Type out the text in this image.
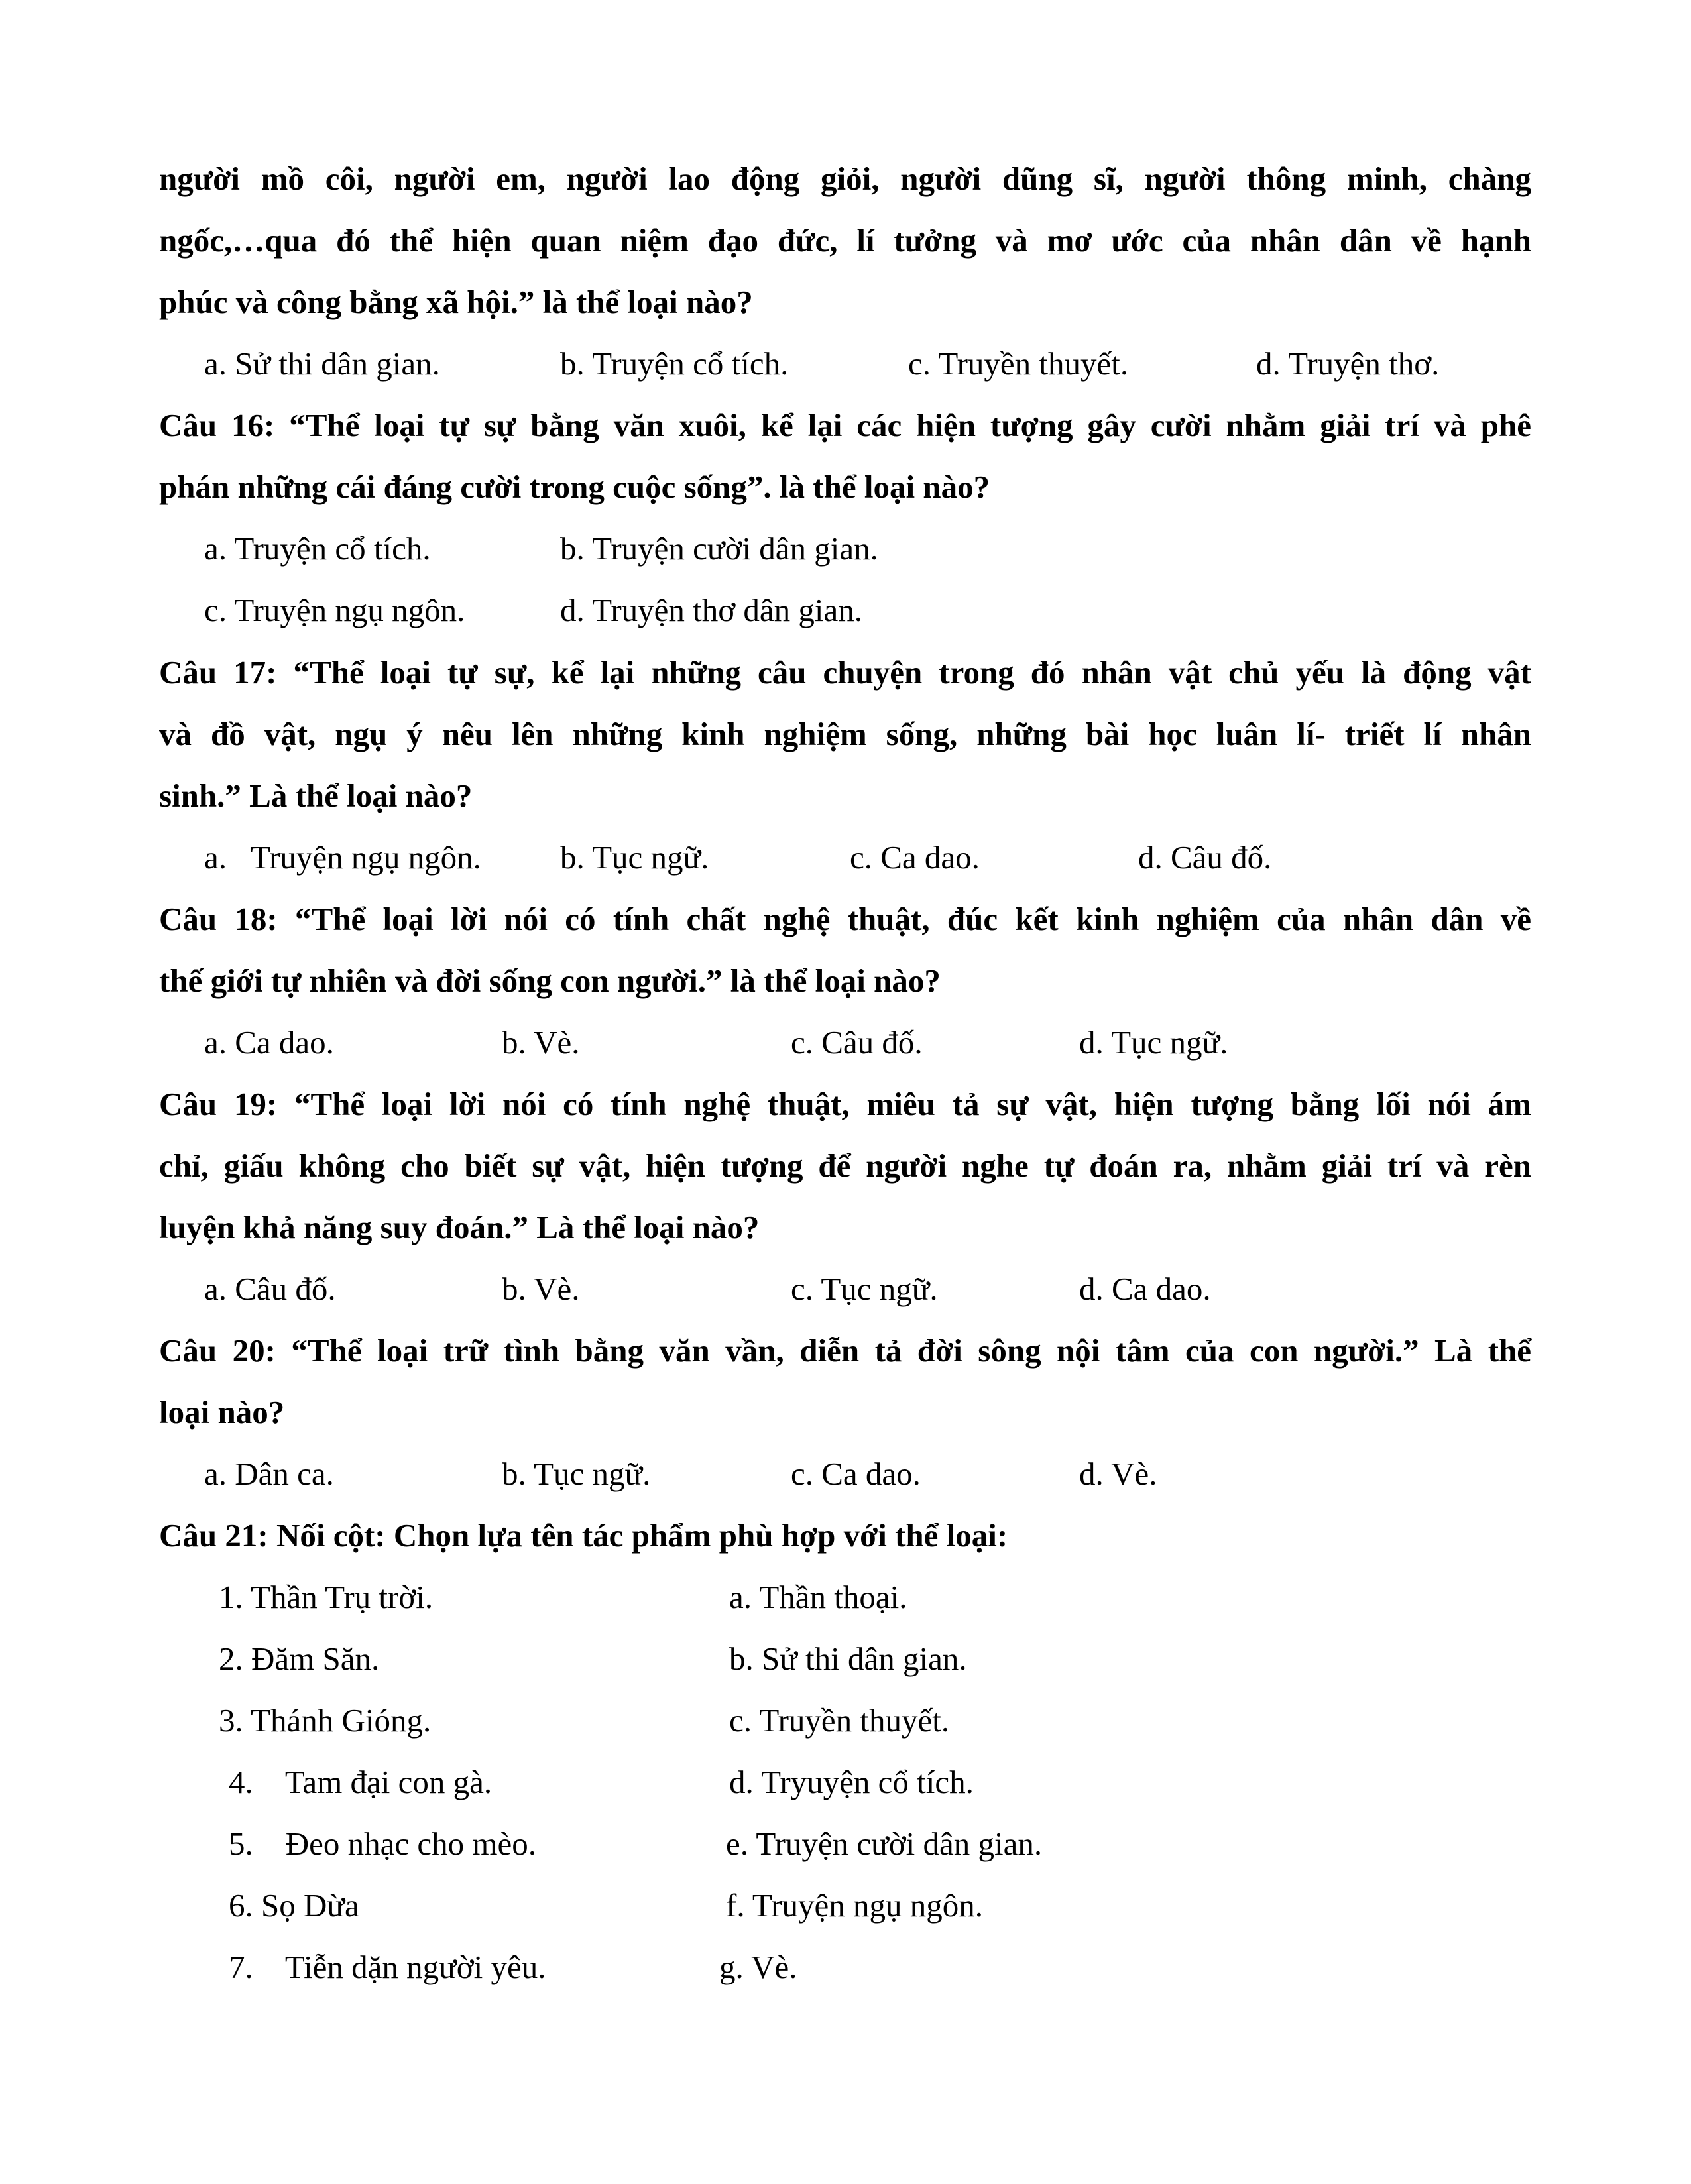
người mồ côi, người em, người lao động giỏi, người dũng sĩ, người thông minh, chàng
ngốc,…qua đó thể hiện quan niệm đạo đức, lí tưởng và mơ ước của nhân dân về hạnh
phúc và công bằng xã hội.” là thể loại nào?
a. Sử thi dân gian.	b. Truyện cổ tích.	c. Truyền thuyết.	d. Truyện thơ.
Câu 16: “Thể loại tự sự bằng văn xuôi, kể lại các hiện tượng gây cười nhằm giải trí và phê
phán những cái đáng cười trong cuộc sống”. là thể loại nào?
a. Truyện cổ tích.	b. Truyện cười dân gian.
c. Truyện ngụ ngôn.	d. Truyện thơ dân gian.
Câu 17: “Thể loại tự sự, kể lại những câu chuyện trong đó nhân vật chủ yếu là động vật
và đồ vật, ngụ ý nêu lên những kinh nghiệm sống, những bài học luân lí- triết lí nhân
sinh.” Là thể loại nào?
a.   Truyện ngụ ngôn. b. Tục ngữ.	c. Ca dao.	d. Câu đố.
Câu 18: “Thể loại lời nói có tính chất nghệ thuật, đúc kết kinh nghiệm của nhân dân về
thế giới tự nhiên và đời sống con người.” là thể loại nào?
a. Ca dao.	b. Vè.	c. Câu đố.	d. Tục ngữ.
Câu 19: “Thể loại lời nói có tính nghệ thuật, miêu tả sự vật, hiện tượng bằng lối nói ám
chỉ, giấu không cho biết sự vật, hiện tượng để người nghe tự đoán ra, nhằm giải trí và rèn
luyện khả năng suy đoán.” Là thể loại nào?
a. Câu đố.	b. Vè.	c. Tục ngữ.	d. Ca dao.
Câu 20: “Thể loại trữ tình bằng văn vần, diễn tả đời sông nội tâm của con người.” Là thể
loại nào?
a. Dân ca.	b. Tục ngữ.	c. Ca dao.	d. Vè.
Câu 21: Nối cột: Chọn lựa tên tác phẩm phù hợp với thể loại:
1. Thần Trụ trời.	a. Thần thoại.
2. Đăm Săn.	b. Sử thi dân gian.
3. Thánh Gióng.	c. Truyền thuyết.
4.    Tam đại con gà.	d. Tryuyện cổ tích.
5.    Đeo nhạc cho mèo.	e. Truyện cười dân gian.
6. Sọ Dừa	f. Truyện ngụ ngôn.
7.    Tiễn dặn người yêu.	g. Vè.
